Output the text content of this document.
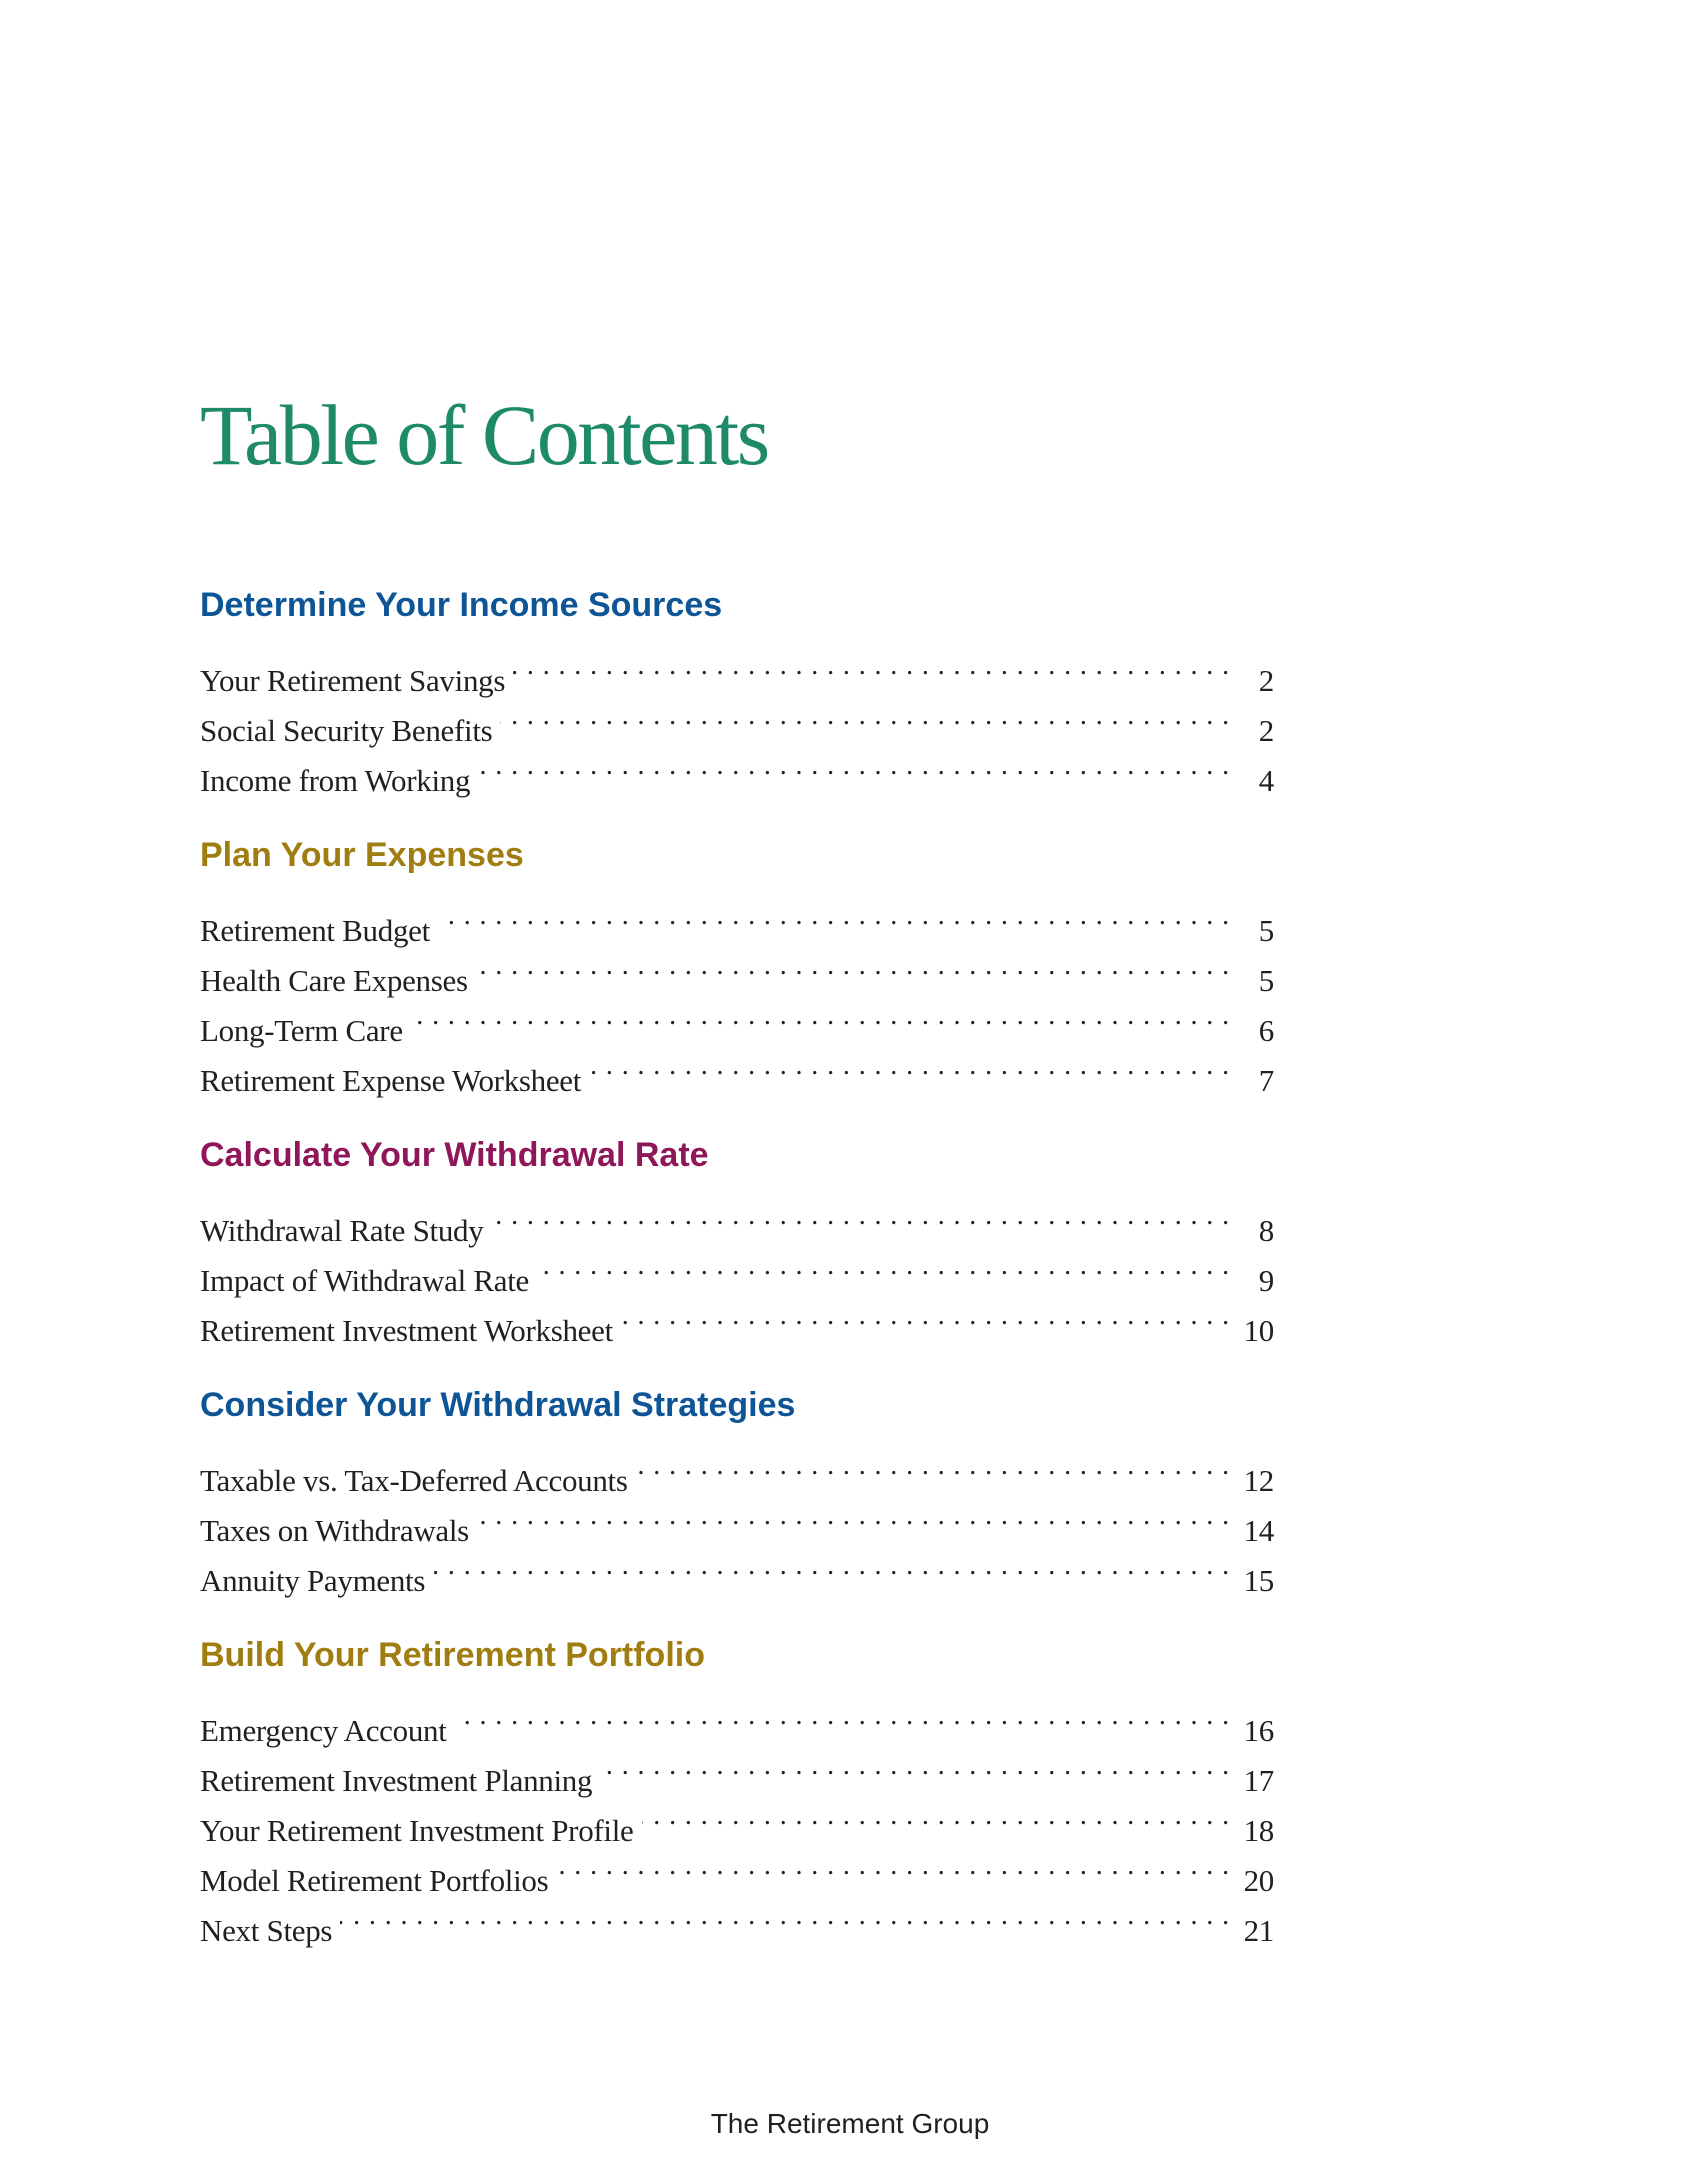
Table of Contents
Determine Your Income Sources
Your Retirement Savings . . .	2
Social Security Benefits . . .	2
Income from Working . . .	4
Plan Your Expenses
Retirement Budget . . .	5
Health Care Expenses . . .	5
Long-Term Care . . .	6
Retirement Expense Worksheet . . .	7
Calculate Your Withdrawal Rate
Withdrawal Rate Study . . .	8
Impact of Withdrawal Rate . . .	9
Retirement Investment Worksheet . . .	10
Consider Your Withdrawal Strategies
Taxable vs. Tax-Deferred Accounts . . .	12
Taxes on Withdrawals . . .	14
Annuity Payments . . .	15
Build Your Retirement Portfolio
Emergency Account . . .	16
Retirement Investment Planning . . .	17
Your Retirement Investment Profile . . .	18
Model Retirement Portfolios . . .	20
Next Steps . . .	21
The Retirement Group
